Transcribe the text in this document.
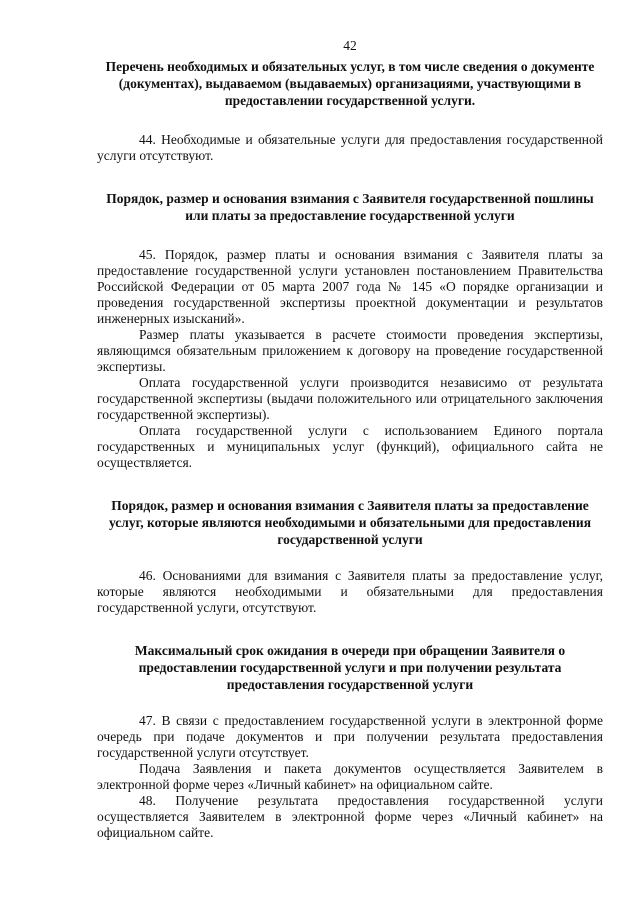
42
Перечень необходимых и обязательных услуг, в том числе сведения о документе (документах), выдаваемом (выдаваемых) организациями, участвующими в предоставлении государственной услуги.

44. Необходимые и обязательные услуги для предоставления государственной услуги отсутствуют.

Порядок, размер и основания взимания с Заявителя государственной пошлины или платы за предоставление государственной услуги

45. Порядок, размер платы и основания взимания с Заявителя платы за предоставление государственной услуги установлен постановлением Правительства Российской Федерации от 05 марта 2007 года № 145 «О порядке организации и проведения государственной экспертизы проектной документации и результатов инженерных изысканий».

Размер платы указывается в расчете стоимости проведения экспертизы, являющимся обязательным приложением к договору на проведение государственной экспертизы.

Оплата государственной услуги производится независимо от результата государственной экспертизы (выдачи положительного или отрицательного заключения государственной экспертизы).

Оплата государственной услуги с использованием Единого портала государственных и муниципальных услуг (функций), официального сайта не осуществляется.

Порядок, размер и основания взимания с Заявителя платы за предоставление услуг, которые являются необходимыми и обязательными для предоставления государственной услуги

46. Основаниями для взимания с Заявителя платы за предоставление услуг, которые являются необходимыми и обязательными для предоставления государственной услуги, отсутствуют.

Максимальный срок ожидания в очереди при обращении Заявителя о предоставлении государственной услуги и при получении результата предоставления государственной услуги

47. В связи с предоставлением государственной услуги в электронной форме очередь при подаче документов и при получении результата предоставления государственной услуги отсутствует.

Подача Заявления и пакета документов осуществляется Заявителем в электронной форме через «Личный кабинет» на официальном сайте.

48. Получение результата предоставления государственной услуги осуществляется Заявителем в электронной форме через «Личный кабинет» на официальном сайте.
